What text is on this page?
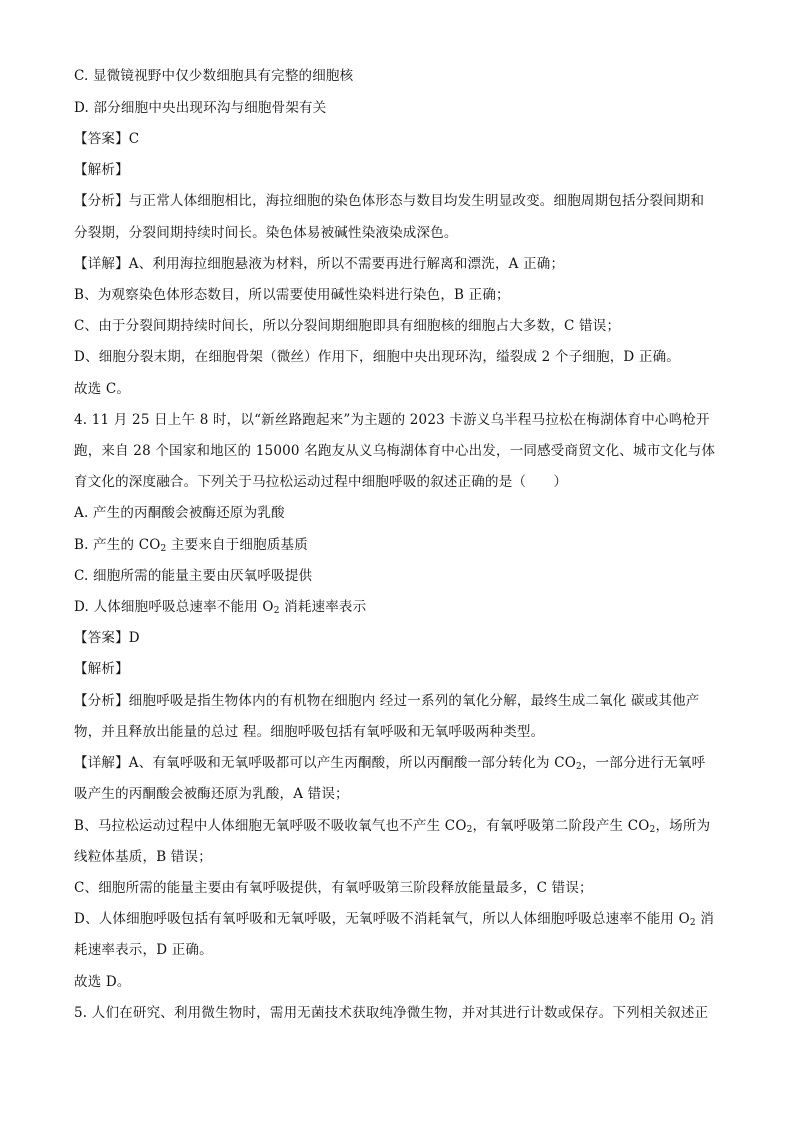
C. 显微镜视野中仅少数细胞具有完整的细胞核
D. 部分细胞中央出现环沟与细胞骨架有关
【答案】C
【解析】
【分析】与正常人体细胞相比，海拉细胞的染色体形态与数目均发生明显改变。细胞周期包括分裂间期和
分裂期，分裂间期持续时间长。染色体易被碱性染液染成深色。
【详解】A、利用海拉细胞悬液为材料，所以不需要再进行解离和漂洗，A 正确；
B、为观察染色体形态数目，所以需要使用碱性染料进行染色，B 正确；
C、由于分裂间期持续时间长，所以分裂间期细胞即具有细胞核的细胞占大多数，C 错误；
D、细胞分裂末期，在细胞骨架（微丝）作用下，细胞中央出现环沟，缢裂成 2 个子细胞，D 正确。
故选 C。
4. 11 月 25 日上午 8 时，以“新丝路跑起来”为主题的 2023 卡游义乌半程马拉松在梅湖体育中心鸣枪开
跑，来自 28 个国家和地区的 15000 名跑友从义乌梅湖体育中心出发，一同感受商贸文化、城市文化与体
育文化的深度融合。下列关于马拉松运动过程中细胞呼吸的叙述正确的是（　　）
A. 产生的丙酮酸会被酶还原为乳酸
B. 产生的 $CO_2$ 主要来自于细胞质基质
C. 细胞所需的能量主要由厌氧呼吸提供
D. 人体细胞呼吸总速率不能用 $O_2$ 消耗速率表示
【答案】D
【解析】
【分析】细胞呼吸是指生物体内的有机物在细胞内 经过一系列的氧化分解，最终生成二氧化 碳或其他产
物，并且释放出能量的总过 程。细胞呼吸包括有氧呼吸和无氧呼吸两种类型。
【详解】A、有氧呼吸和无氧呼吸都可以产生丙酮酸，所以丙酮酸一部分转化为 $CO_2$，一部分进行无氧呼
吸产生的丙酮酸会被酶还原为乳酸，A 错误；
B、马拉松运动过程中人体细胞无氧呼吸不吸收氧气也不产生 $CO_2$，有氧呼吸第二阶段产生 $CO_2$，场所为
线粒体基质，B 错误；
C、细胞所需的能量主要由有氧呼吸提供，有氧呼吸第三阶段释放能量最多，C 错误；
D、人体细胞呼吸包括有氧呼吸和无氧呼吸，无氧呼吸不消耗氧气，所以人体细胞呼吸总速率不能用 $O_2$ 消
耗速率表示，D 正确。
故选 D。
5. 人们在研究、利用微生物时，需用无菌技术获取纯净微生物，并对其进行计数或保存。下列相关叙述正
